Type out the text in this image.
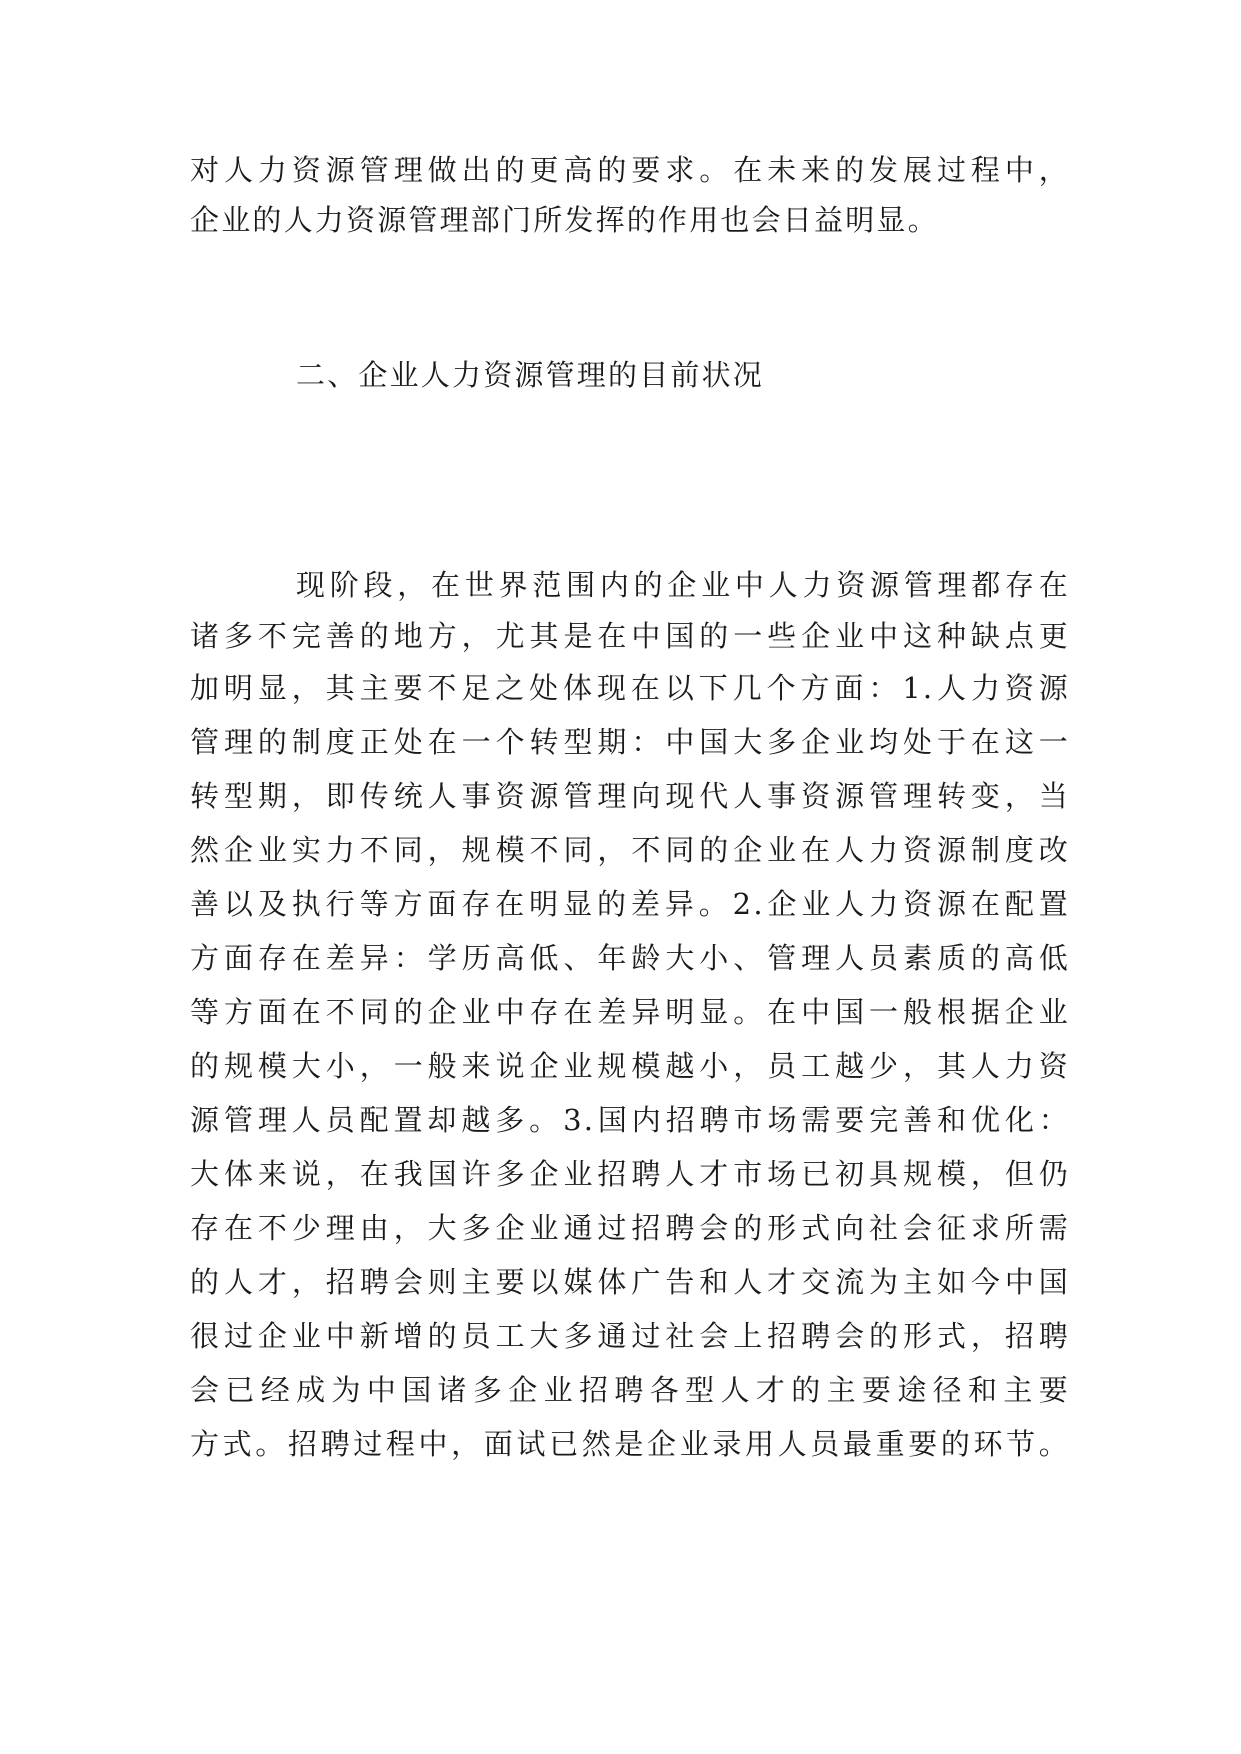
对人力资源管理做出的更高的要求。在未来的发展过程中，

企业的人力资源管理部门所发挥的作用也会日益明显。

二、企业人力资源管理的目前状况

现阶段，在世界范围内的企业中人力资源管理都存在

诸多不完善的地方，尤其是在中国的一些企业中这种缺点更

加明显，其主要不足之处体现在以下几个方面：1.人力资源

管理的制度正处在一个转型期：中国大多企业均处于在这一

转型期，即传统人事资源管理向现代人事资源管理转变，当

然企业实力不同，规模不同，不同的企业在人力资源制度改

善以及执行等方面存在明显的差异。2.企业人力资源在配置

方面存在差异：学历高低、年龄大小、管理人员素质的高低

等方面在不同的企业中存在差异明显。在中国一般根据企业

的规模大小，一般来说企业规模越小，员工越少，其人力资

源管理人员配置却越多。3.国内招聘市场需要完善和优化：

大体来说，在我国许多企业招聘人才市场已初具规模，但仍

存在不少理由，大多企业通过招聘会的形式向社会征求所需

的人才，招聘会则主要以媒体广告和人才交流为主如今中国

很过企业中新增的员工大多通过社会上招聘会的形式，招聘

会已经成为中国诸多企业招聘各型人才的主要途径和主要

方式。招聘过程中，面试已然是企业录用人员最重要的环节。
